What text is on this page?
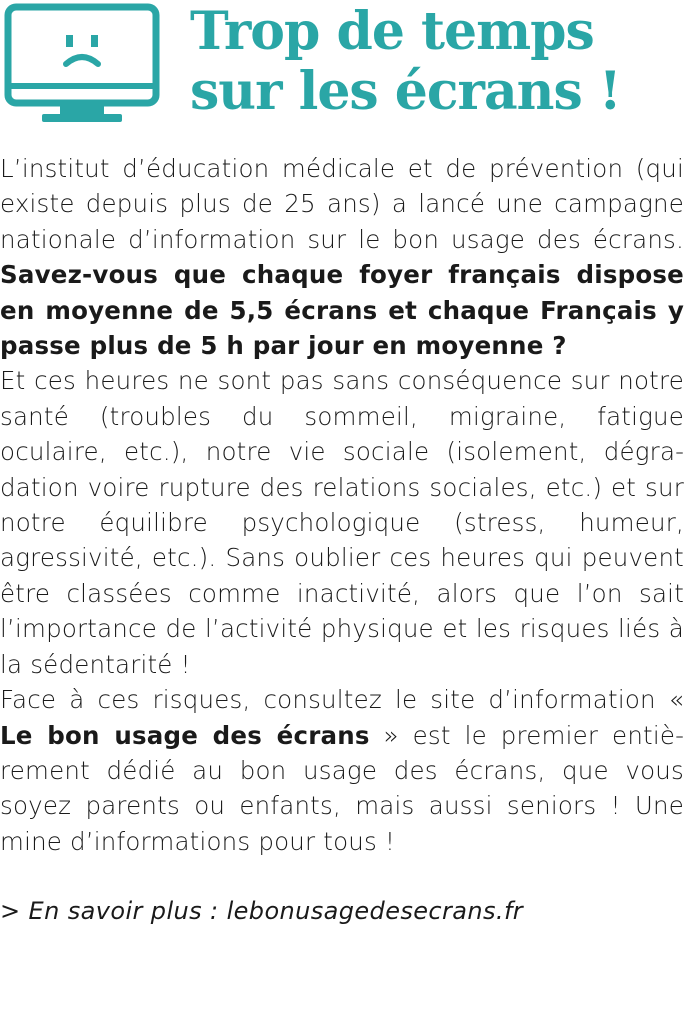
Trop de temps
sur les écrans !

L’institut d’éducation médicale et de prévention (qui existe depuis plus de 25 ans) a lancé une campagne nationale d’information sur le bon usage des écrans. Savez-vous que chaque foyer français dispose en moyenne de 5,5 écrans et chaque Français y passe plus de 5 h par jour en moyenne ?

Et ces heures ne sont pas sans conséquence sur notre santé (troubles du sommeil, migraine, fatigue oculaire, etc.), notre vie sociale (isolement, dégradation voire rupture des relations sociales, etc.) et sur notre équilibre psychologique (stress, humeur, agressivité, etc.). Sans oublier ces heures qui peuvent être classées comme inactivité, alors que l’on sait l’importance de l’activité physique et les risques liés à la sédentarité !

Face à ces risques, consultez le site d’information « Le bon usage des écrans » est le premier entièrement dédié au bon usage des écrans, que vous soyez parents ou enfants, mais aussi seniors ! Une mine d’informations pour tous !

> En savoir plus : lebonusagedesecrans.fr
